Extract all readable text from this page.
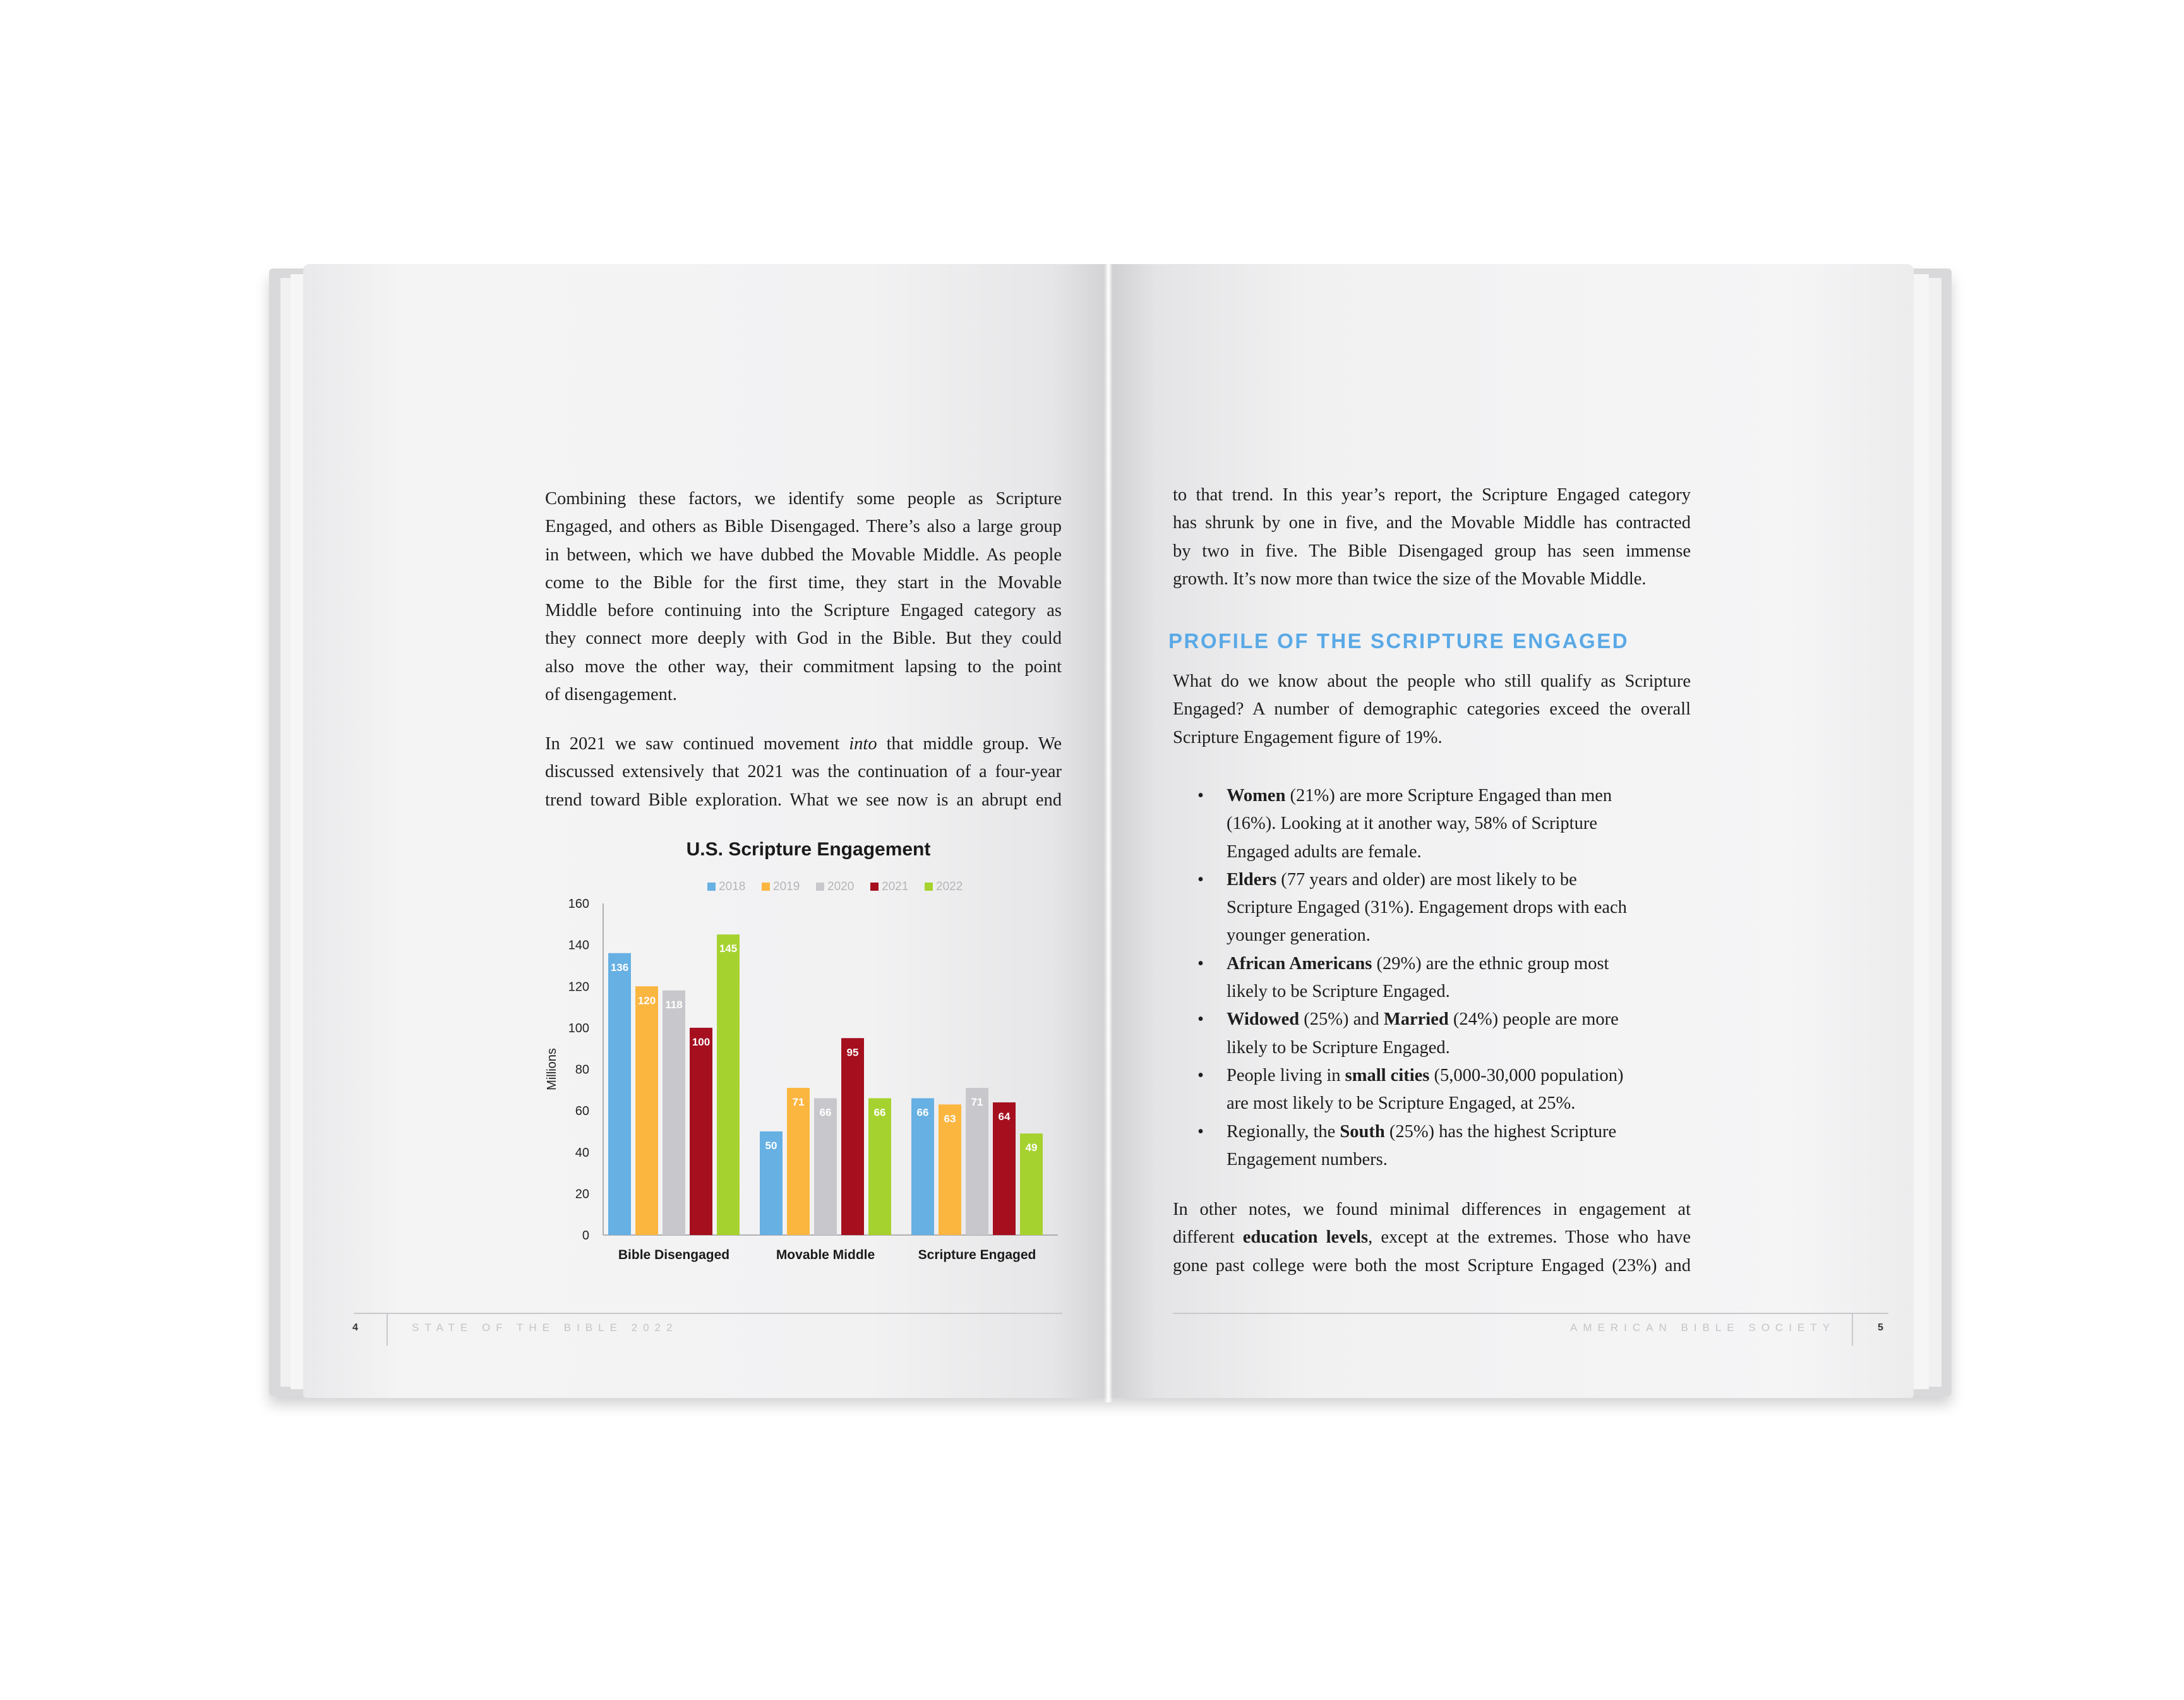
Combining these factors, we identify some people as Scripture
Engaged, and others as Bible Disengaged. There’s also a large group
in between, which we have dubbed the Movable Middle. As people
come to the Bible for the first time, they start in the Movable
Middle before continuing into the Scripture Engaged category as
they connect more deeply with God in the Bible. But they could
also move the other way, their commitment lapsing to the point
of disengagement.
In 2021 we saw continued movement into that middle group. We
discussed extensively that 2021 was the continuation of a four-year
trend toward Bible exploration. What we see now is an abrupt end
U.S. Scripture Engagement
2018 2019 2020 2021 2022
0
20
40
60
80
100
120
140
160
Millions
136
120 118
100
145
Bible Disengaged
50
71
66
95
66
Movable Middle
66
63
71
64
49
Scripture Engaged
4	STATE OF THE BIBLE 2022
to that trend. In this year’s report, the Scripture Engaged category
has shrunk by one in five, and the Movable Middle has contracted
by two in five. The Bible Disengaged group has seen immense
growth. It’s now more than twice the size of the Movable Middle.
PROFILE OF THE SCRIPTURE ENGAGED
What do we know about the people who still qualify as Scripture
Engaged? A number of demographic categories exceed the overall
Scripture Engagement figure of 19%.
• Women (21%) are more Scripture Engaged than men
(16%). Looking at it another way, 58% of Scripture
Engaged adults are female.
• Elders (77 years and older) are most likely to be
Scripture Engaged (31%). Engagement drops with each
younger generation.
• African Americans (29%) are the ethnic group most
likely to be Scripture Engaged.
• Widowed (25%) and Married (24%) people are more
likely to be Scripture Engaged.
• People living in small cities (5,000-30,000 population)
are most likely to be Scripture Engaged, at 25%.
• Regionally, the South (25%) has the highest Scripture
Engagement numbers.
In other notes, we found minimal differences in engagement at
different education levels, except at the extremes. Those who have
gone past college were both the most Scripture Engaged (23%) and
AMERICAN BIBLE SOCIETY	5
